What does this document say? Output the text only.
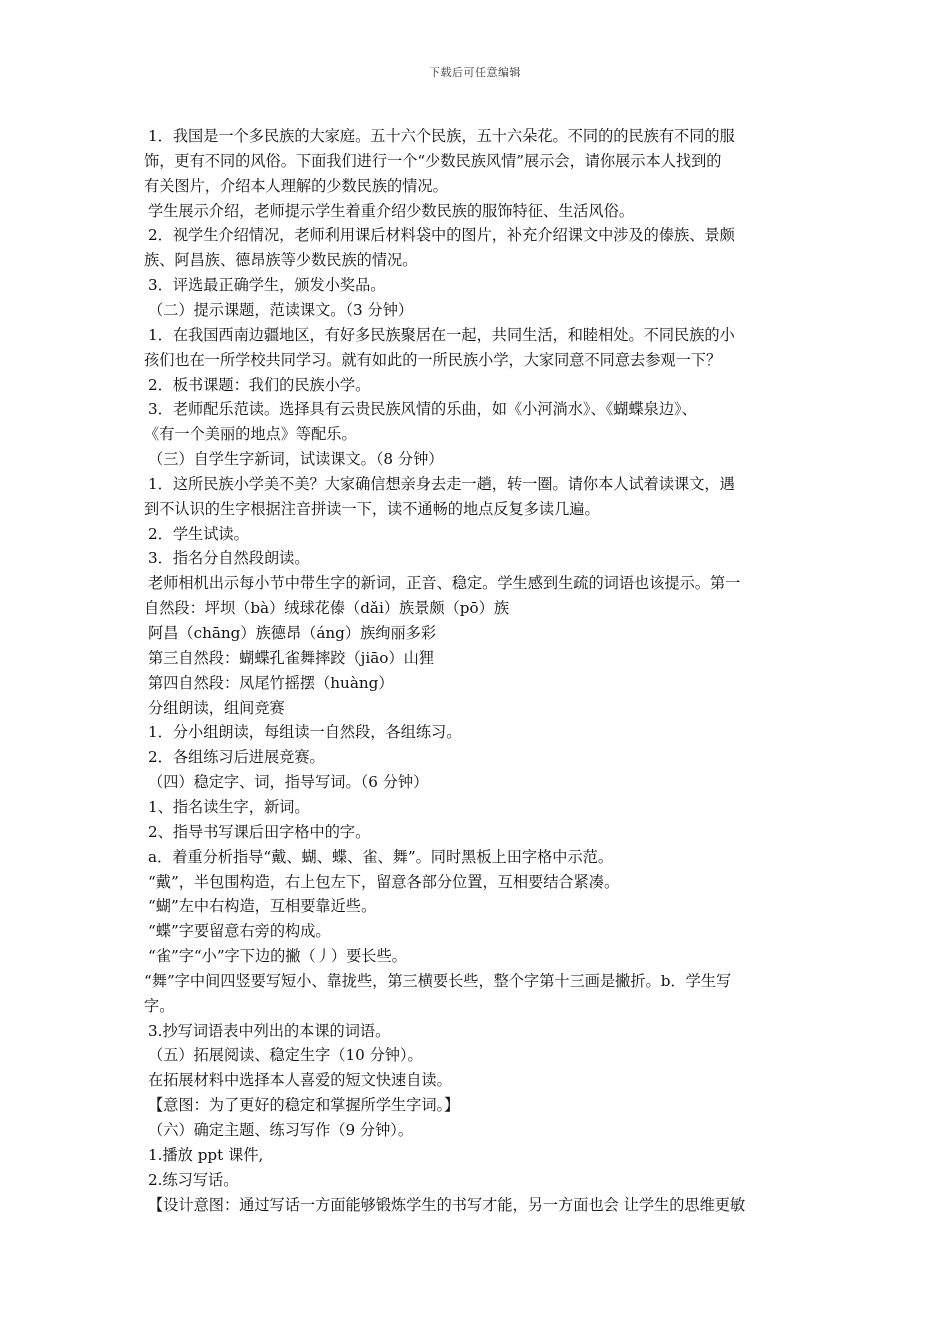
下载后可任意编辑
1．我国是一个多民族的大家庭。五十六个民族，五十六朵花。不同的的民族有不同的服
饰，更有不同的风俗。下面我们进行一个“少数民族风情”展示会，请你展示本人找到的
有关图片，介绍本人理解的少数民族的情况。
学生展示介绍，老师提示学生着重介绍少数民族的服饰特征、生活风俗。
2．视学生介绍情况，老师利用课后材料袋中的图片，补充介绍课文中涉及的傣族、景颇
族、阿昌族、德昂族等少数民族的情况。
3．评选最正确学生，颁发小奖品。
（二）提示课题，范读课文。（3 分钟）
1．在我国西南边疆地区，有好多民族聚居在一起，共同生活，和睦相处。不同民族的小
孩们也在一所学校共同学习。就有如此的一所民族小学，大家同意不同意去参观一下？
2．板书课题：我们的民族小学。
3．老师配乐范读。选择具有云贵民族风情的乐曲，如《小河淌水》、《蝴蝶泉边》、
《有一个美丽的地点》等配乐。
（三）自学生字新词，试读课文。（8 分钟）
1．这所民族小学美不美？大家确信想亲身去走一趟，转一圈。请你本人试着读课文，遇
到不认识的生字根据注音拼读一下，读不通畅的地点反复多读几遍。
2．学生试读。
3．指名分自然段朗读。
老师相机出示每小节中带生字的新词，正音、稳定。学生感到生疏的词语也该提示。第一
自然段：坪坝（bà）绒球花傣（dǎi）族景颇（pō）族
阿昌（chāng）族德昂（áng）族绚丽多彩
第三自然段：蝴蝶孔雀舞摔跤（jiāo）山狸
第四自然段：凤尾竹摇摆（huàng）
分组朗读，组间竞赛
1．分小组朗读，每组读一自然段，各组练习。
2．各组练习后进展竞赛。
（四）稳定字、词，指导写词。（6 分钟）
1、指名读生字，新词。
2、指导书写课后田字格中的字。
a．着重分析指导“戴、蝴、蝶、雀、舞”。同时黑板上田字格中示范。
“戴”，半包围构造，右上包左下，留意各部分位置，互相要结合紧凑。
“蝴”左中右构造，互相要靠近些。
“蝶”字要留意右旁的构成。
“雀”字“小”字下边的撇（丿）要长些。
“舞”字中间四竖要写短小、靠拢些，第三横要长些，整个字第十三画是撇折。b．学生写
字。
3.抄写词语表中列出的本课的词语。
（五）拓展阅读、稳定生字（10 分钟）。
在拓展材料中选择本人喜爱的短文快速自读。
【意图：为了更好的稳定和掌握所学生字词。】
（六）确定主题、练习写作（9 分钟）。
1.播放 ppt 课件,
2.练习写话。
【设计意图：通过写话一方面能够锻炼学生的书写才能，另一方面也会 让学生的思维更敏
